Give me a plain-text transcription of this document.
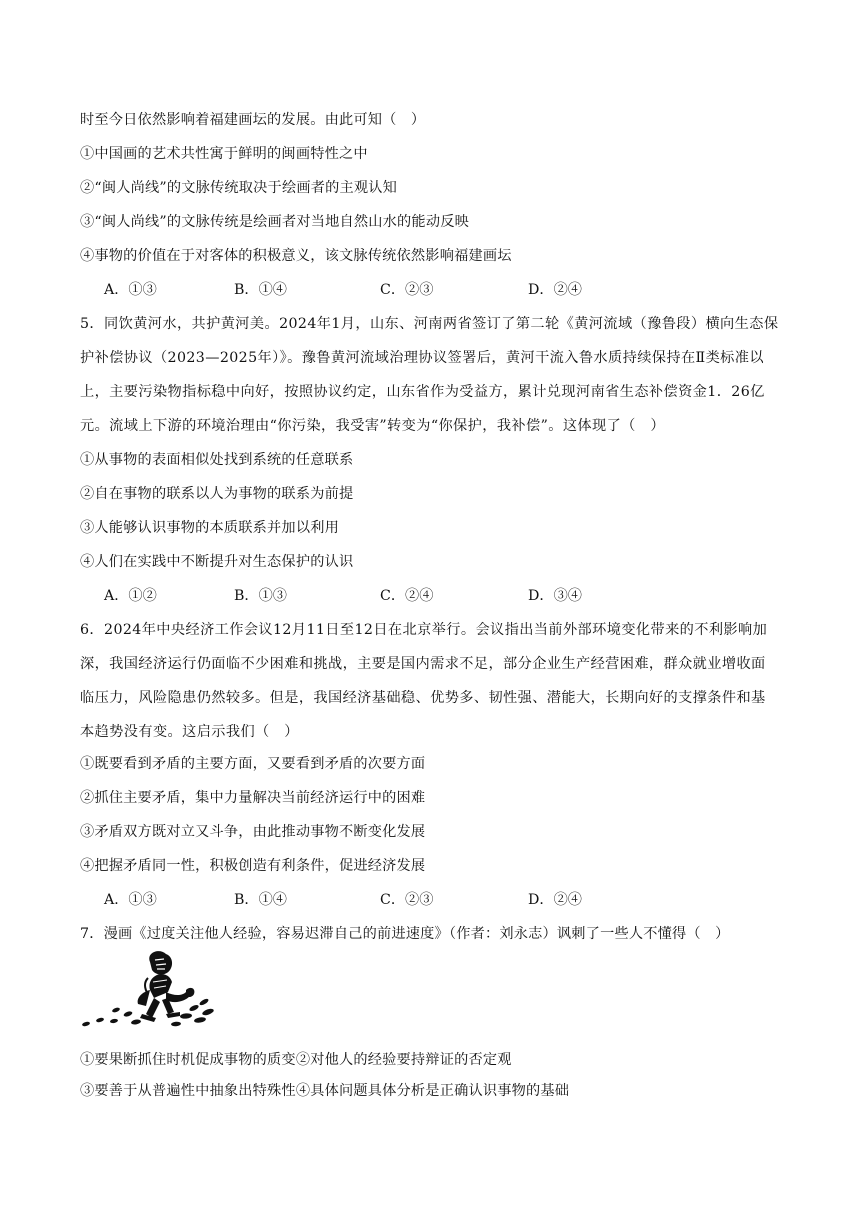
时至今日依然影响着福建画坛的发展。由此可知（　）
①中国画的艺术共性寓于鲜明的闽画特性之中
②“闽人尚线”的文脉传统取决于绘画者的主观认知
③“闽人尚线”的文脉传统是绘画者对当地自然山水的能动反映
④事物的价值在于对客体的积极意义，该文脉传统依然影响福建画坛
A．①③	B．①④	C．②③	D．②④
5．同饮黄河水，共护黄河美。2024年1月，山东、河南两省签订了第二轮《黄河流域（豫鲁段）横向生态保护补偿协议（2023—2025年）》。豫鲁黄河流域治理协议签署后，黄河干流入鲁水质持续保持在Ⅱ类标准以上，主要污染物指标稳中向好，按照协议约定，山东省作为受益方，累计兑现河南省生态补偿资金1．26亿元。流域上下游的环境治理由“你污染，我受害”转变为“你保护，我补偿”。这体现了（　）
①从事物的表面相似处找到系统的任意联系
②自在事物的联系以人为事物的联系为前提
③人能够认识事物的本质联系并加以利用
④人们在实践中不断提升对生态保护的认识
A．①②	B．①③	C．②④	D．③④
6．2024年中央经济工作会议12月11日至12日在北京举行。会议指出当前外部环境变化带来的不利影响加深，我国经济运行仍面临不少困难和挑战，主要是国内需求不足，部分企业生产经营困难，群众就业增收面临压力，风险隐患仍然较多。但是，我国经济基础稳、优势多、韧性强、潜能大，长期向好的支撑条件和基本趋势没有变。这启示我们（　）
①既要看到矛盾的主要方面，又要看到矛盾的次要方面
②抓住主要矛盾，集中力量解决当前经济运行中的困难
③矛盾双方既对立又斗争，由此推动事物不断变化发展
④把握矛盾同一性，积极创造有利条件，促进经济发展
A．①③	B．①④	C．②③	D．②④
7．漫画《过度关注他人经验，容易迟滞自己的前进速度》（作者：刘永志）讽刺了一些人不懂得（　）
①要果断抓住时机促成事物的质变②对他人的经验要持辩证的否定观
③要善于从普遍性中抽象出特殊性④具体问题具体分析是正确认识事物的基础
